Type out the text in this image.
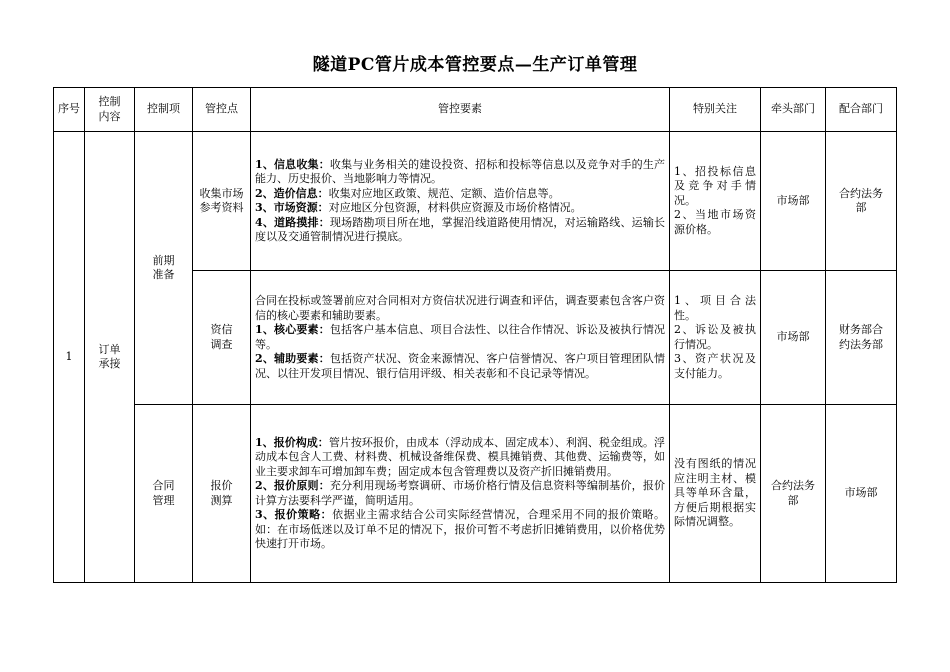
隧道PC管片成本管控要点—生产订单管理
序号	控制内容	控制项	管控点	管控要素	特别关注	牵头部门	配合部门
1	订单承接	前期准备	收集市场参考资料	1、信息收集：收集与业务相关的建设投资、招标和投标等信息以及竞争对手的生产能力、历史报价、当地影响力等情况。
2、造价信息：收集对应地区政策、规范、定额、造价信息等。
3、市场资源：对应地区分包资源，材料供应资源及市场价格情况。
4、道路摸排：现场踏勘项目所在地，掌握沿线道路使用情况，对运输路线、运输长度以及交通管制情况进行摸底。	1、招投标信息及竞争对手情况。
2、当地市场资源价格。	市场部	合约法务部
			资信调查	合同在投标或签署前应对合同相对方资信状况进行调查和评估，调查要素包含客户资信的核心要素和辅助要素。
1、核心要素：包括客户基本信息、项目合法性、以往合作情况、诉讼及被执行情况等。
2、辅助要素：包括资产状况、资金来源情况、客户信誉情况、客户项目管理团队情况、以往开发项目情况、银行信用评级、相关表彰和不良记录等情况。	1、项目合法性。
2、诉讼及被执行情况。
3、资产状况及支付能力。	市场部	财务部合约法务部
		合同管理	报价测算	1、报价构成：管片按环报价，由成本（浮动成本、固定成本）、利润、税金组成。浮动成本包含人工费、材料费、机械设备维保费、模具摊销费、其他费、运输费等，如业主要求卸车可增加卸车费；固定成本包含管理费以及资产折旧摊销费用。
2、报价原则：充分利用现场考察调研、市场价格行情及信息资料等编制基价，报价计算方法要科学严谨，简明适用。
3、报价策略：依据业主需求结合公司实际经营情况，合理采用不同的报价策略。如：在市场低迷以及订单不足的情况下，报价可暂不考虑折旧摊销费用，以价格优势快速打开市场。	没有图纸的情况应注明主材、模具等单环含量，方便后期根据实际情况调整。	合约法务部	市场部
